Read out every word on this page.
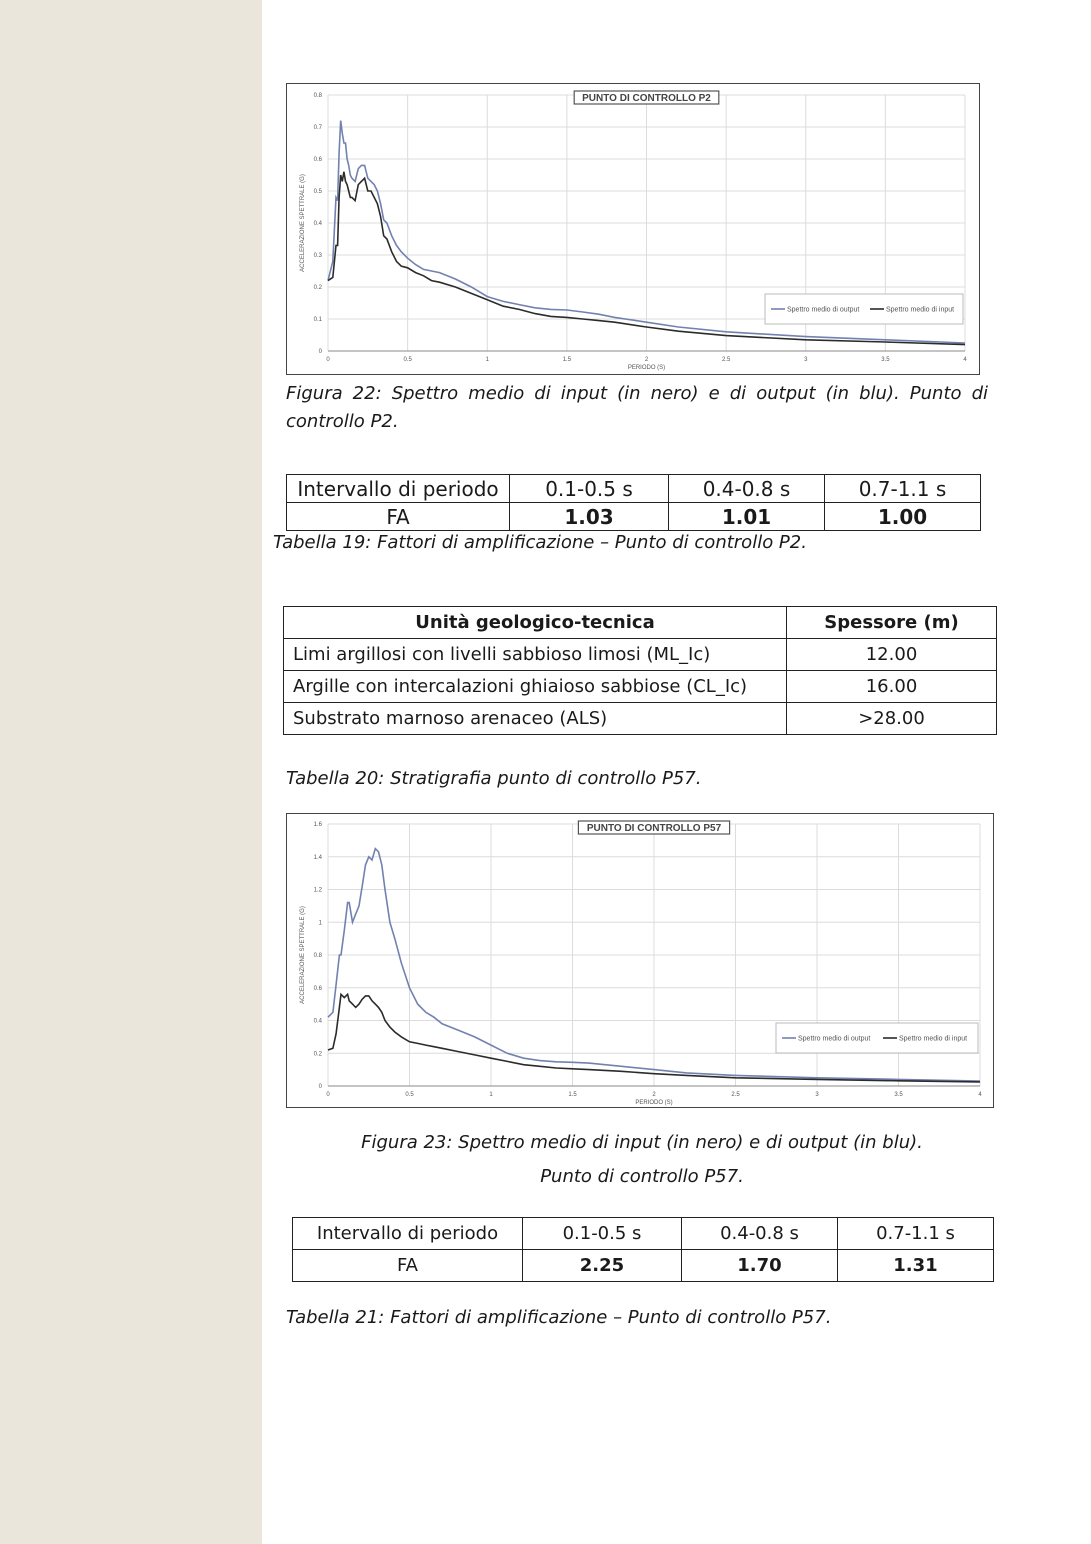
0	0.5	1	1.5	2	2.5	3	3.5	4
0
0.1
0.2
0.3
0.4
0.5
0.6
0.7
0.8
PERIODO (S)
ACCELERAZIONE SPETTRALE (G)
PUNTO DI CONTROLLO P2
Spettro medio di output	Spettro medio di input
Figura 22: Spettro medio di input (in nero) e di output (in blu). Punto di
controllo P2.
Intervallo di periodo	0.1-0.5 s	0.4-0.8 s	0.7-1.1 s
FA	1.03	1.01	1.00
Tabella 19: Fattori di amplificazione – Punto di controllo P2.
Unità geologico-tecnica	Spessore (m)
Limi argillosi con livelli sabbioso limosi (ML_Ic)	12.00
Argille con intercalazioni ghiaioso sabbiose (CL_Ic)	16.00
Substrato marnoso arenaceo (ALS)	>28.00
Tabella 20: Stratigrafia punto di controllo P57.
0	0.5	1	1.5	2	2.5	3	3.5	4
0
0.2
0.4
0.6
0.8
1
1.2
1.4
1.6
PERIODO (S)
ACCELERAZIONE SPETTRALE (G)
PUNTO DI CONTROLLO P57
Spettro medio di output	Spettro medio di input
Figura 23: Spettro medio di input (in nero) e di output (in blu).
Punto di controllo P57.
Intervallo di periodo	0.1-0.5 s	0.4-0.8 s	0.7-1.1 s
FA	2.25	1.70	1.31
Tabella 21: Fattori di amplificazione – Punto di controllo P57.
